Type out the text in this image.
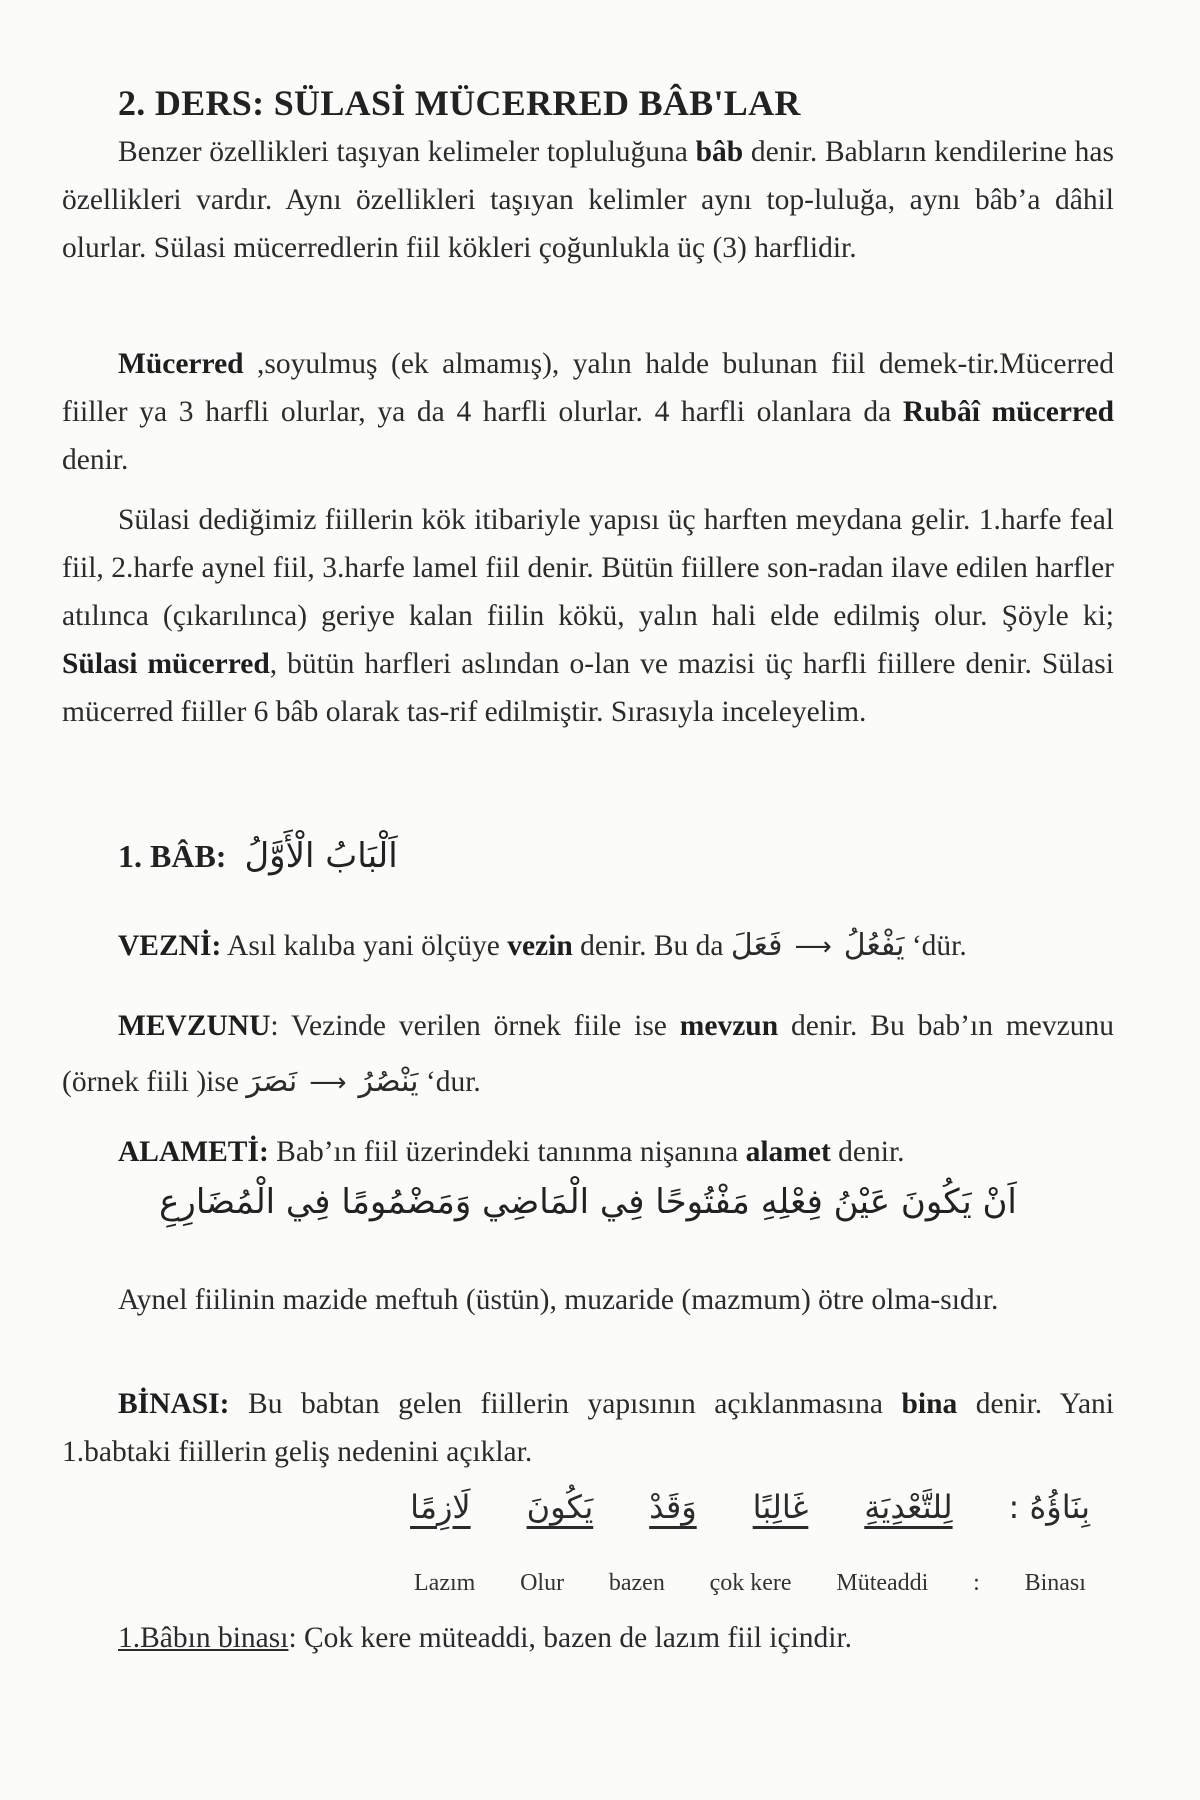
2. DERS: SÜLASİ MÜCERRED BÂB'LAR

Benzer özellikleri taşıyan kelimeler topluluğuna bâb denir. Babların kendilerine has özellikleri vardır. Aynı özellikleri taşıyan kelimler aynı top-luluğa, aynı bâb’a dâhil olurlar. Sülasi mücerredlerin fiil kökleri çoğunlukla üç (3) harflidir.

Mücerred ,soyulmuş (ek almamış), yalın halde bulunan fiil demek-tir.Mücerred fiiller ya 3 harfli olurlar, ya da 4 harfli olurlar. 4 harfli olanlara da Rubâî mücerred denir.

Sülasi dediğimiz fiillerin kök itibariyle yapısı üç harften meydana gelir. 1.harfe feal fiil, 2.harfe aynel fiil, 3.harfe lamel fiil denir. Bütün fiillere son-radan ilave edilen harfler atılınca (çıkarılınca) geriye kalan fiilin kökü, yalın hali elde edilmiş olur. Şöyle ki; Sülasi mücerred, bütün harfleri aslından o-lan ve mazisi üç harfli fiillere denir. Sülasi mücerred fiiller 6 bâb olarak tas-rif edilmiştir. Sırasıyla inceleyelim.

1. BÂB: اَلْبَابُ الْأَوَّلُ

VEZNİ: Asıl kalıba yani ölçüye vezin denir. Bu da فَعَلَ ⟶ يَفْعُلُ ‘dür.

MEVZUNU: Vezinde verilen örnek fiile ise mevzun denir. Bu bab’ın mevzunu (örnek fiili )ise نَصَرَ ⟶ يَنْصُرُ ‘dur.

ALAMETİ: Bab’ın fiil üzerindeki tanınma nişanına alamet denir.

اَنْ يَكُونَ عَيْنُ فِعْلِهِ مَفْتُوحًا فِي الْمَاضِي وَمَضْمُومًا فِي الْمُضَارِعِ

Aynel fiilinin mazide meftuh (üstün), muzaride (mazmum) ötre olma-sıdır.

BİNASI: Bu babtan gelen fiillerin yapısının açıklanmasına bina denir. Yani 1.babtaki fiillerin geliş nedenini açıklar.

بِنَاؤُهُ :
لِلتَّعْدِيَةِ
غَالِبًا
وَقَدْ
يَكُونَ
لَازِمًا
Lazım Olur bazen çok kere Müteaddi : Binası
1.Bâbın binası: Çok kere müteaddi, bazen de lazım fiil içindir.
